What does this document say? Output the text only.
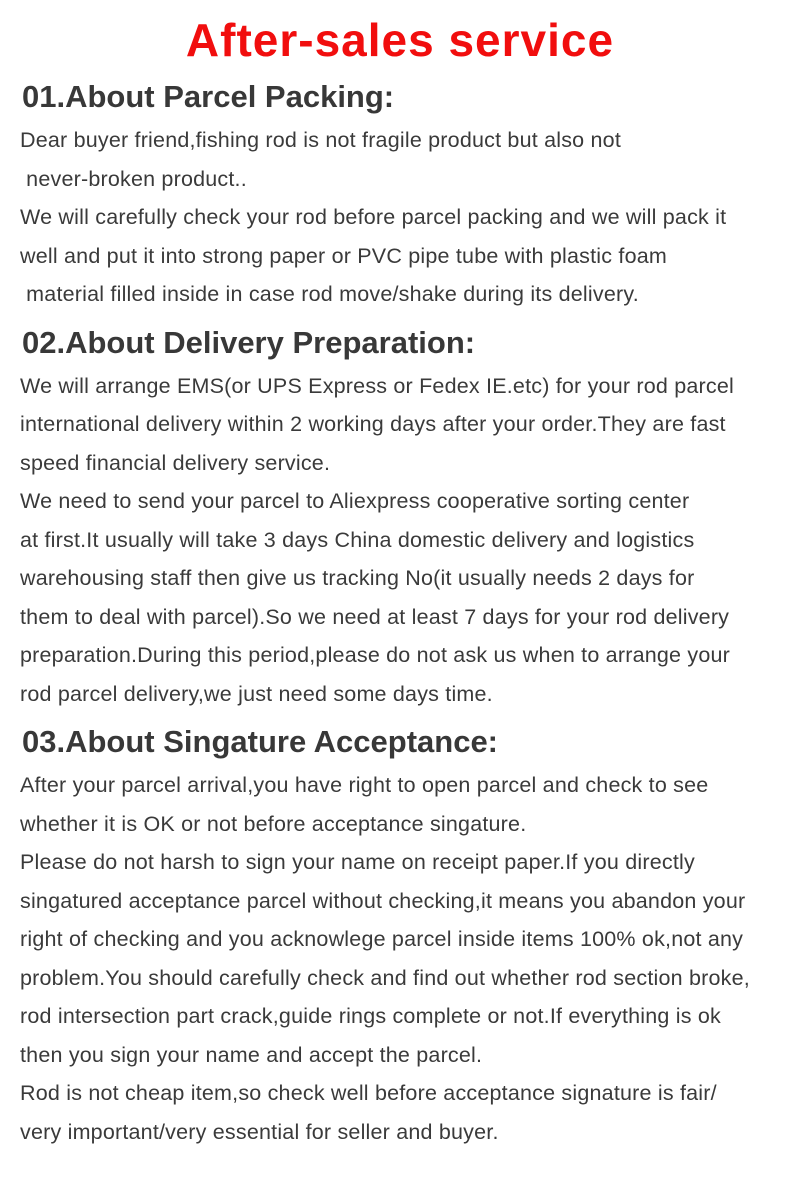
After-sales service
01.About Parcel Packing:
Dear buyer friend,fishing rod is not fragile product but also not
never-broken product..
We will carefully check your rod before parcel packing and we will pack it
well and put it into strong paper or PVC pipe tube with plastic foam
material filled inside in case rod move/shake during its delivery.
02.About Delivery Preparation:
We will arrange EMS(or UPS Express or Fedex IE.etc) for your rod parcel
international delivery within 2 working days after your order.They are fast
speed financial delivery service.
We need to send your parcel to Aliexpress cooperative sorting center
at first.It usually will take 3 days China domestic delivery and logistics
warehousing staff then give us tracking No(it usually needs 2 days for
them to deal with parcel).So we need at least 7 days for your rod delivery
preparation.During this period,please do not ask us when to arrange your
rod parcel delivery,we just need some days time.
03.About Singature Acceptance:
After your parcel arrival,you have right to open parcel and check to see
whether it is OK or not before acceptance singature.
Please do not harsh to sign your name on receipt paper.If you directly
singatured acceptance parcel without checking,it means you abandon your
right of checking and you acknowlege parcel inside items 100% ok,not any
problem.You should carefully check and find out whether rod section broke,
rod intersection part crack,guide rings complete or not.If everything is ok
then you sign your name and accept the parcel.
Rod is not cheap item,so check well before acceptance signature is fair/
very important/very essential for seller and buyer.
